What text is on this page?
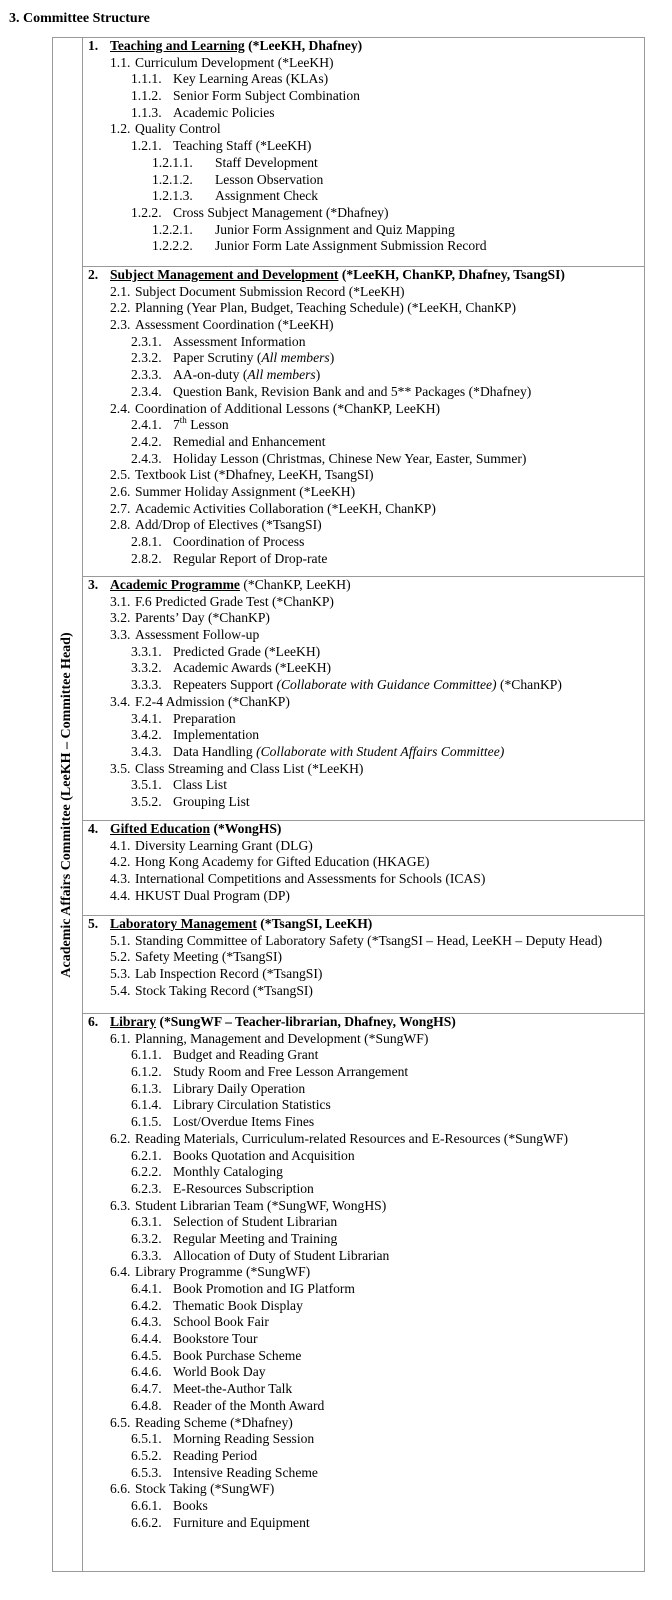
3. Committee Structure
Academic Affairs Committee (LeeKH – Committee Head)
1. Teaching and Learning (*LeeKH, Dhafney)
1.1. Curriculum Development (*LeeKH)
1.1.1. Key Learning Areas (KLAs)
1.1.2. Senior Form Subject Combination
1.1.3. Academic Policies
1.2. Quality Control
1.2.1. Teaching Staff (*LeeKH)
1.2.1.1. Staff Development
1.2.1.2. Lesson Observation
1.2.1.3. Assignment Check
1.2.2. Cross Subject Management (*Dhafney)
1.2.2.1. Junior Form Assignment and Quiz Mapping
1.2.2.2. Junior Form Late Assignment Submission Record
2. Subject Management and Development (*LeeKH, ChanKP, Dhafney, TsangSI)
2.1. Subject Document Submission Record (*LeeKH)
2.2. Planning (Year Plan, Budget, Teaching Schedule) (*LeeKH, ChanKP)
2.3. Assessment Coordination (*LeeKH)
2.3.1. Assessment Information
2.3.2. Paper Scrutiny (All members)
2.3.3. AA-on-duty (All members)
2.3.4. Question Bank, Revision Bank and and 5** Packages (*Dhafney)
2.4. Coordination of Additional Lessons (*ChanKP, LeeKH)
2.4.1. 7th Lesson
2.4.2. Remedial and Enhancement
2.4.3. Holiday Lesson (Christmas, Chinese New Year, Easter, Summer)
2.5. Textbook List (*Dhafney, LeeKH, TsangSI)
2.6. Summer Holiday Assignment (*LeeKH)
2.7. Academic Activities Collaboration (*LeeKH, ChanKP)
2.8. Add/Drop of Electives (*TsangSI)
2.8.1. Coordination of Process
2.8.2. Regular Report of Drop-rate
3. Academic Programme (*ChanKP, LeeKH)
3.1. F.6 Predicted Grade Test (*ChanKP)
3.2. Parents’ Day (*ChanKP)
3.3. Assessment Follow-up
3.3.1. Predicted Grade (*LeeKH)
3.3.2. Academic Awards (*LeeKH)
3.3.3. Repeaters Support (Collaborate with Guidance Committee) (*ChanKP)
3.4. F.2-4 Admission (*ChanKP)
3.4.1. Preparation
3.4.2. Implementation
3.4.3. Data Handling (Collaborate with Student Affairs Committee)
3.5. Class Streaming and Class List (*LeeKH)
3.5.1. Class List
3.5.2. Grouping List
4. Gifted Education (*WongHS)
4.1. Diversity Learning Grant (DLG)
4.2. Hong Kong Academy for Gifted Education (HKAGE)
4.3. International Competitions and Assessments for Schools (ICAS)
4.4. HKUST Dual Program (DP)
5. Laboratory Management (*TsangSI, LeeKH)
5.1. Standing Committee of Laboratory Safety (*TsangSI – Head, LeeKH – Deputy Head)
5.2. Safety Meeting (*TsangSI)
5.3. Lab Inspection Record (*TsangSI)
5.4. Stock Taking Record (*TsangSI)
6. Library (*SungWF – Teacher-librarian, Dhafney, WongHS)
6.1. Planning, Management and Development (*SungWF)
6.1.1. Budget and Reading Grant
6.1.2. Study Room and Free Lesson Arrangement
6.1.3. Library Daily Operation
6.1.4. Library Circulation Statistics
6.1.5. Lost/Overdue Items Fines
6.2. Reading Materials, Curriculum-related Resources and E-Resources (*SungWF)
6.2.1. Books Quotation and Acquisition
6.2.2. Monthly Cataloging
6.2.3. E-Resources Subscription
6.3. Student Librarian Team (*SungWF, WongHS)
6.3.1. Selection of Student Librarian
6.3.2. Regular Meeting and Training
6.3.3. Allocation of Duty of Student Librarian
6.4. Library Programme (*SungWF)
6.4.1. Book Promotion and IG Platform
6.4.2. Thematic Book Display
6.4.3. School Book Fair
6.4.4. Bookstore Tour
6.4.5. Book Purchase Scheme
6.4.6. World Book Day
6.4.7. Meet-the-Author Talk
6.4.8. Reader of the Month Award
6.5. Reading Scheme (*Dhafney)
6.5.1. Morning Reading Session
6.5.2. Reading Period
6.5.3. Intensive Reading Scheme
6.6. Stock Taking (*SungWF)
6.6.1. Books
6.6.2. Furniture and Equipment
